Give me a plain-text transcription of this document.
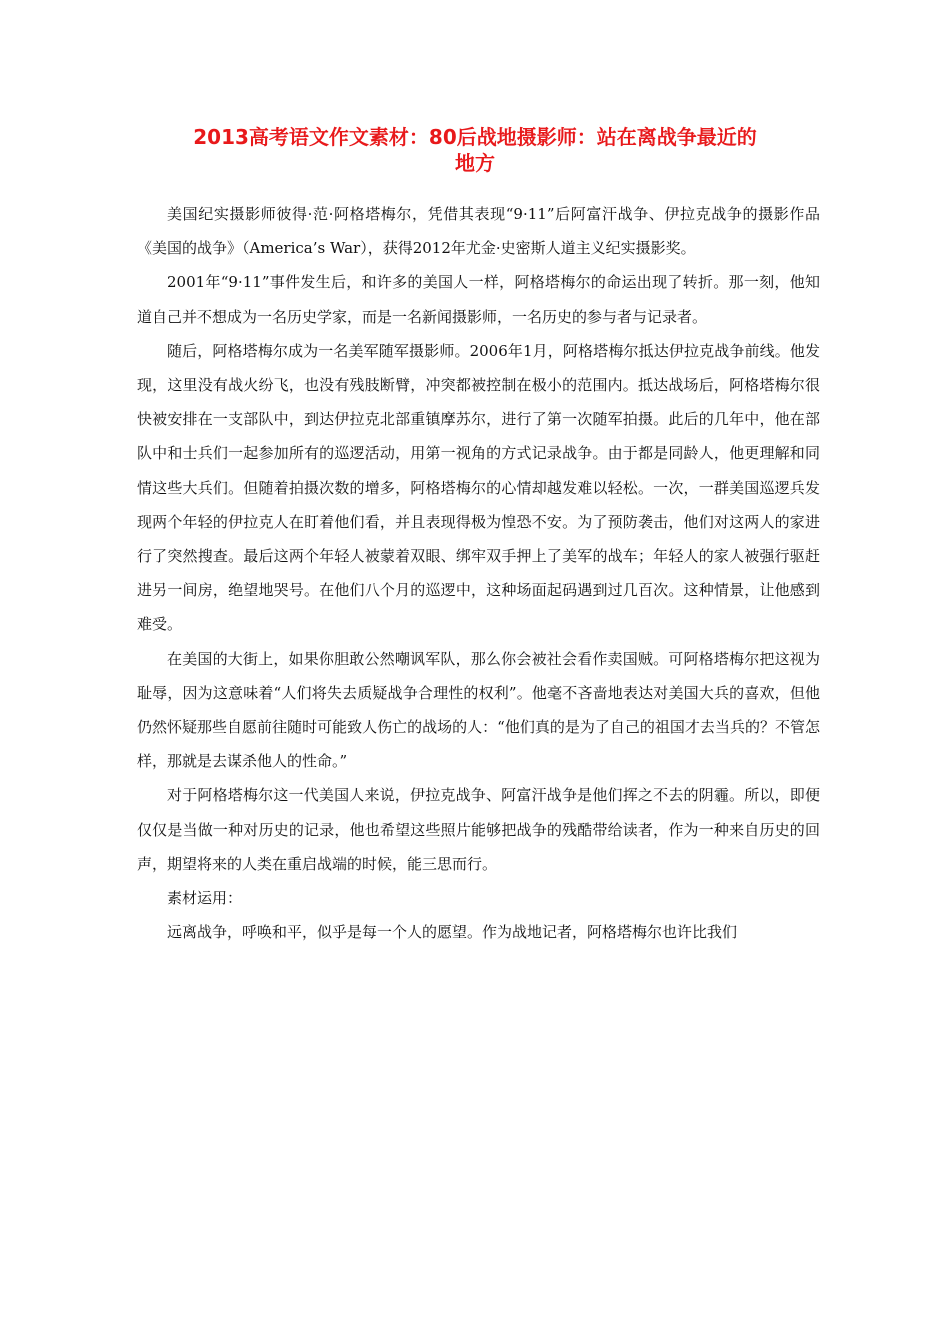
2013高考语文作文素材：80后战地摄影师：站在离战争最近的
地方

美国纪实摄影师彼得·范·阿格塔梅尔，凭借其表现“9·11”后阿富汗战争、伊拉克战争的摄影作品《美国的战争》（America’s War），获得2012年尤金·史密斯人道主义纪实摄影奖。

2001年“9·11”事件发生后，和许多的美国人一样，阿格塔梅尔的命运出现了转折。那一刻，他知道自己并不想成为一名历史学家，而是一名新闻摄影师，一名历史的参与者与记录者。

随后，阿格塔梅尔成为一名美军随军摄影师。2006年1月，阿格塔梅尔抵达伊拉克战争前线。他发现，这里没有战火纷飞，也没有残肢断臂，冲突都被控制在极小的范围内。抵达战场后，阿格塔梅尔很快被安排在一支部队中，到达伊拉克北部重镇摩苏尔，进行了第一次随军拍摄。此后的几年中，他在部队中和士兵们一起参加所有的巡逻活动，用第一视角的方式记录战争。由于都是同龄人，他更理解和同情这些大兵们。但随着拍摄次数的增多，阿格塔梅尔的心情却越发难以轻松。一次，一群美国巡逻兵发现两个年轻的伊拉克人在盯着他们看，并且表现得极为惶恐不安。为了预防袭击，他们对这两人的家进行了突然搜查。最后这两个年轻人被蒙着双眼、绑牢双手押上了美军的战车；年轻人的家人被强行驱赶进另一间房，绝望地哭号。在他们八个月的巡逻中，这种场面起码遇到过几百次。这种情景，让他感到难受。

在美国的大街上，如果你胆敢公然嘲讽军队，那么你会被社会看作卖国贼。可阿格塔梅尔把这视为耻辱，因为这意味着“人们将失去质疑战争合理性的权利”。他毫不吝啬地表达对美国大兵的喜欢，但他仍然怀疑那些自愿前往随时可能致人伤亡的战场的人：“他们真的是为了自己的祖国才去当兵的？不管怎样，那就是去谋杀他人的性命。”

对于阿格塔梅尔这一代美国人来说，伊拉克战争、阿富汗战争是他们挥之不去的阴霾。所以，即便仅仅是当做一种对历史的记录，他也希望这些照片能够把战争的残酷带给读者，作为一种来自历史的回声，期望将来的人类在重启战端的时候，能三思而行。

素材运用：

远离战争，呼唤和平，似乎是每一个人的愿望。作为战地记者，阿格塔梅尔也许比我们
